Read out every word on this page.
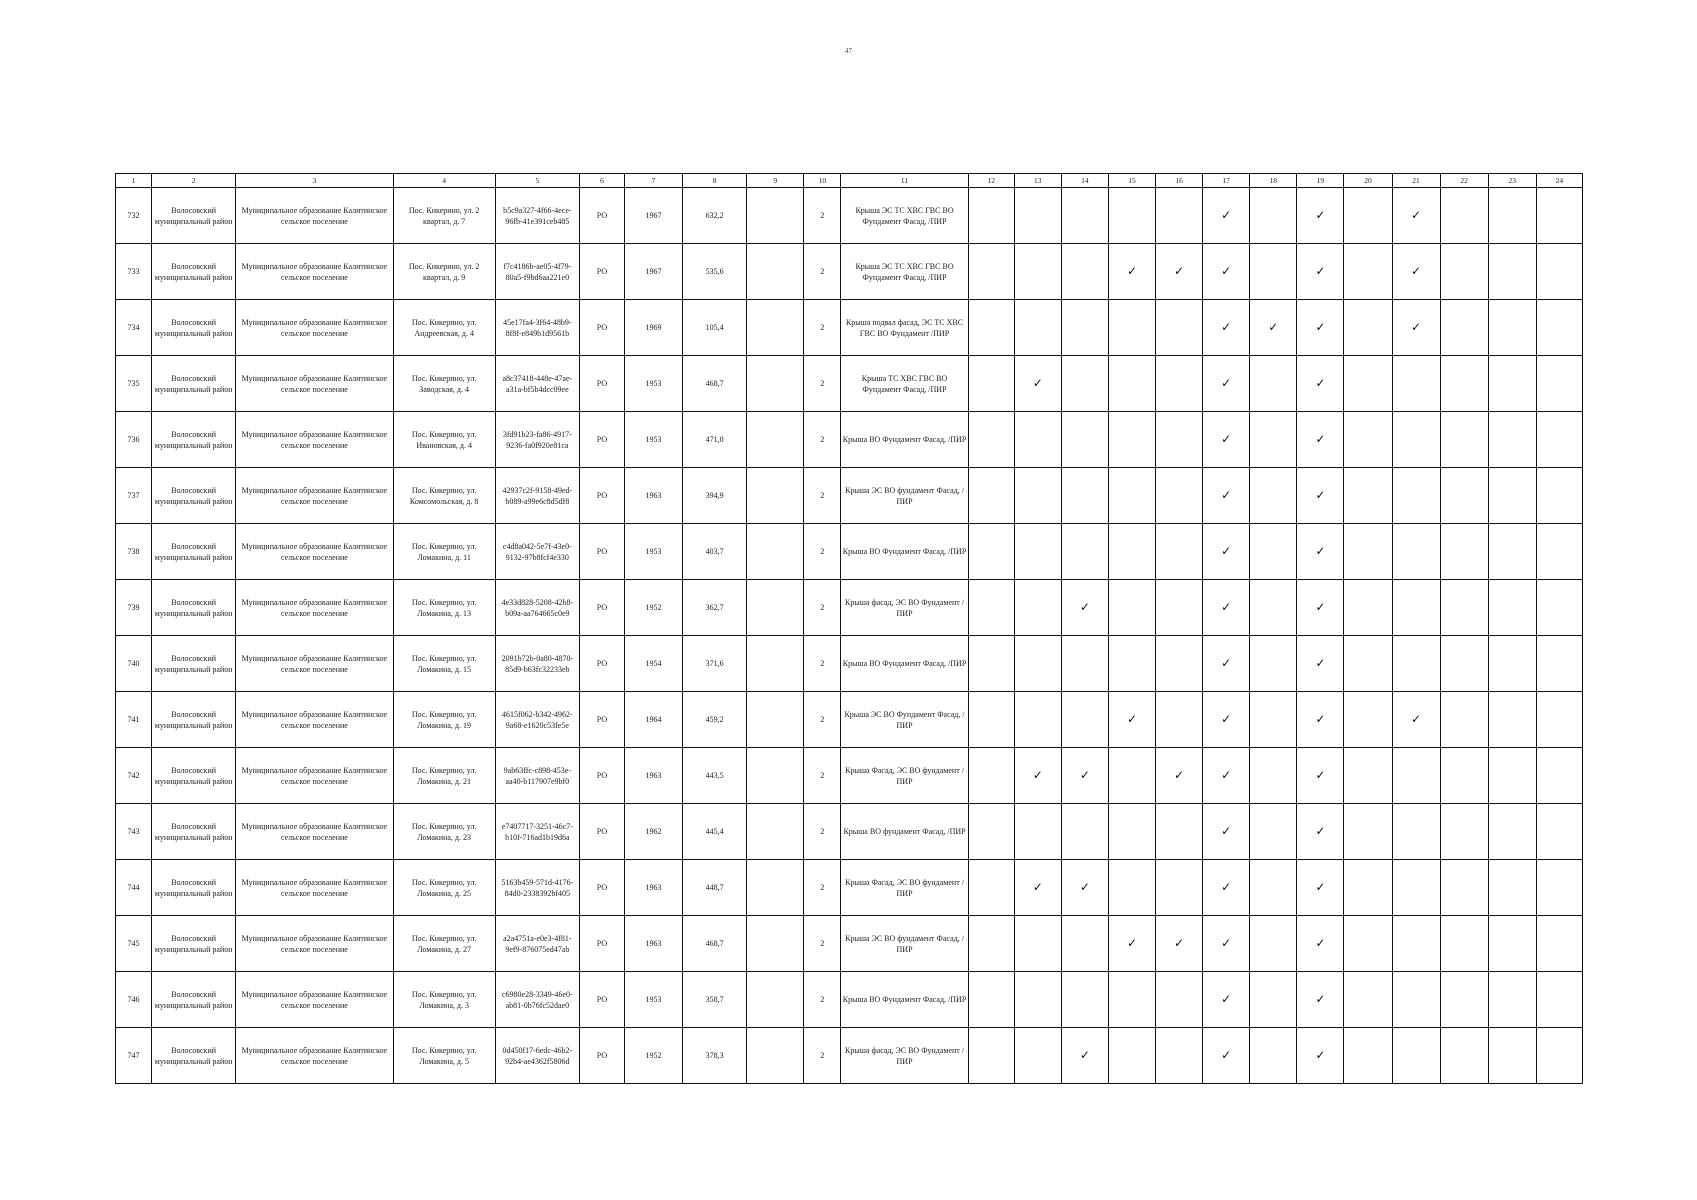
47
1	2	3	4	5	6	7	8	9	10	11	12	13	14	15	16	17	18	19	20	21	22	23	24
732	Волосовский муниципальный район	Муниципальное образование Калитинское сельское поселение	Пос. Кикерино, ул. 2 квартал, д. 7	b5c9a327-4f66-4ece-96fb-41e391ceb485	РО	1967	632,2		2	Крыша ЭС ТС ХВС ГВС ВО Фундамент Фасад, /ПИР						✓		✓		✓			
733	Волосовский муниципальный район	Муниципальное образование Калитинское сельское поселение	Пос. Кикерино, ул. 2 квартал, д. 9	f7c4186b-ae05-4f79-80a5-f9bd6aa221e0	РО	1967	535,6		2	Крыша ЭС ТС ХВС ГВС ВО Фундамент Фасад, /ПИР				✓	✓	✓		✓		✓			
734	Волосовский муниципальный район	Муниципальное образование Калитинское сельское поселение	Пос. Кикерино, ул. Андреевская, д. 4	45e17fa4-3f64-48b9-8f8f-e849b1d9561b	РО	1969	105,4		2	Крыша подвал фасад, ЭС ТС ХВС ГВС ВО Фундамент /ПИР						✓	✓	✓		✓			
735	Волосовский муниципальный район	Муниципальное образование Калитинское сельское поселение	Пос. Кикерино, ул. Заводская, д. 4	a8c37418-448e-47ae-a31a-bf5b4dcc09ee	РО	1953	468,7		2	Крыша ТС ХВС ГВС ВО Фундамент Фасад, /ПИР		✓				✓		✓					
736	Волосовский муниципальный район	Муниципальное образование Калитинское сельское поселение	Пос. Кикерино, ул. Ивановская, д. 4	3fd91b23-fa86-4917-9236-fa0f920e81ca	РО	1953	471,0		2	Крыша ВО Фундамент Фасад, /ПИР						✓		✓					
737	Волосовский муниципальный район	Муниципальное образование Калитинское сельское поселение	Пос. Кикерино, ул. Комсомольская, д. 8	42937c2f-9158-49ed-b089-a99e6c8d5df8	РО	1963	394,9		2	Крыша ЭС ВО фундамент Фасад, /ПИР						✓		✓					
738	Волосовский муниципальный район	Муниципальное образование Калитинское сельское поселение	Пос. Кикерино, ул. Ломакина, д. 11	c4d8a042-5e7f-43e0-9132-97b8fcf4e330	РО	1953	403,7		2	Крыша ВО Фундамент Фасад, /ПИР						✓		✓					
739	Волосовский муниципальный район	Муниципальное образование Калитинское сельское поселение	Пос. Кикерино, ул. Ломакина, д. 13	4e33d828-5208-42b8-b09a-aa764665c0e9	РО	1952	362,7		2	Крыша фасад, ЭС ВО Фундамент /ПИР			✓			✓		✓					
740	Волосовский муниципальный район	Муниципальное образование Калитинское сельское поселение	Пос. Кикерино, ул. Ломакина, д. 15	2091b72b-0a80-4870-85d9-b63fc32233eb	РО	1954	371,6		2	Крыша ВО Фундамент Фасад, /ПИР						✓		✓					
741	Волосовский муниципальный район	Муниципальное образование Калитинское сельское поселение	Пос. Кикерино, ул. Ломакина, д. 19	4615f062-b342-4962-9a68-e1620c53fe5e	РО	1964	459,2		2	Крыша ЭС ВО Фундамент Фасад, /ПИР				✓		✓		✓		✓			
742	Волосовский муниципальный район	Муниципальное образование Калитинское сельское поселение	Пос. Кикерино, ул. Ломакина, д. 21	9ab63ffc-c898-453e-aa40-b117907e9bf0	РО	1963	443,5		2	Крыша Фасад, ЭС ВО фундамент /ПИР		✓	✓		✓	✓		✓					
743	Волосовский муниципальный район	Муниципальное образование Калитинское сельское поселение	Пос. Кикерино, ул. Ломакина, д. 23	e7407717-3251-46c7-b10f-716ad1b19d6a	РО	1962	445,4		2	Крыша ВО фундамент Фасад, /ПИР						✓		✓					
744	Волосовский муниципальный район	Муниципальное образование Калитинское сельское поселение	Пос. Кикерино, ул. Ломакина, д. 25	5163b459-571d-4176-84d0-2338392bf405	РО	1963	448,7		2	Крыша Фасад, ЭС ВО фундамент /ПИР		✓	✓			✓		✓					
745	Волосовский муниципальный район	Муниципальное образование Калитинское сельское поселение	Пос. Кикерино, ул. Ломакина, д. 27	a2a4751a-e0e3-4f81-9ef9-876075ed47ab	РО	1963	468,7		2	Крыша ЭС ВО фундамент Фасад, /ПИР				✓	✓	✓		✓					
746	Волосовский муниципальный район	Муниципальное образование Калитинское сельское поселение	Пос. Кикерино, ул. Ломакина, д. 3	c6980e28-3349-46e0-ab81-0b76fc52dae0	РО	1953	358,7		2	Крыша ВО Фундамент Фасад, /ПИР						✓		✓					
747	Волосовский муниципальный район	Муниципальное образование Калитинское сельское поселение	Пос. Кикерино, ул. Ломакина, д. 5	0d450f17-6edc-46b2-92b4-ae4362f5806d	РО	1952	378,3		2	Крыша фасад, ЭС ВО Фундамент /ПИР			✓			✓		✓					
